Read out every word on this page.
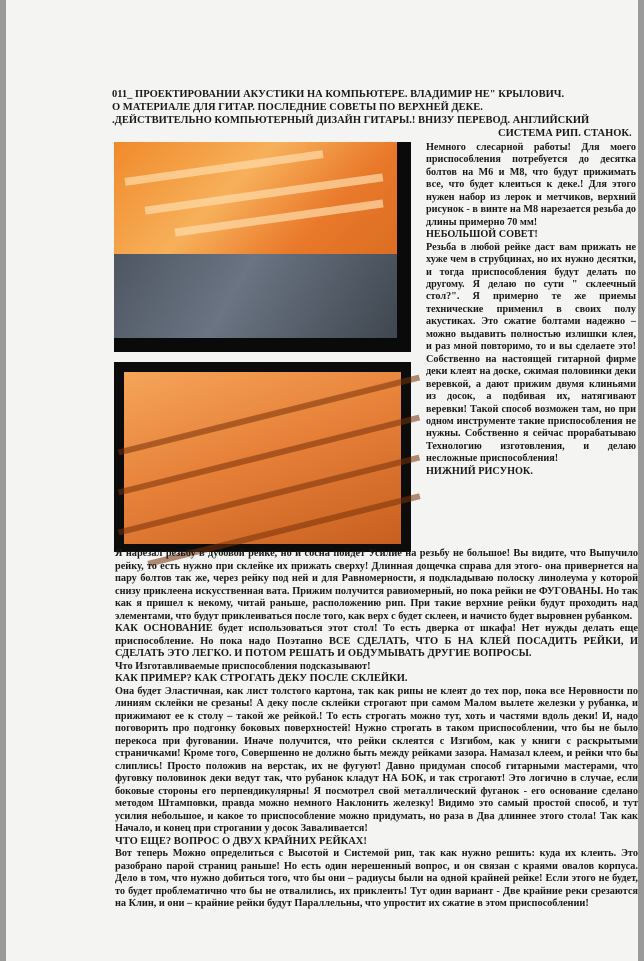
011_ ПРОЕКТИРОВАНИИ АКУСТИКИ НА КОМПЬЮТЕРЕ. ВЛАДИМИР НЕ" КРЫЛОВИЧ.
О МАТЕРИАЛЕ ДЛЯ ГИТАР. ПОСЛЕДНИЕ СОВЕТЫ ПО ВЕРХНЕЙ ДЕКЕ.
.ДЕЙСТВИТЕЛЬНО КОМПЬЮТЕРНЫЙ ДИЗАЙН ГИТАРЫ.! ВНИЗУ ПЕРЕВОД. АНГЛИЙСКИЙ
СИСТЕМА РИП. СТАНОК.

Немного слесарной работы! Для моего приспособления потребуется до десятка болтов на М6 и М8, что будут прижимать все, что будет клеиться к деке.! Для этого нужен набор из лерок и метчиков, верхний рисунок - в винте на М8 нарезается резьба до длины примерно 70 мм!

НЕБОЛЬШОЙ СОВЕТ!

Резьба в любой рейке даст вам прижать не хуже чем в струбцинах, но их нужно десятки, и тогда приспособления будут делать по другому. Я делаю по сути " склеечный стол?". Я примерно те же приемы технические применил в своих полу акустиках. Это сжатие болтами надежно – можно выдавить полностью излишки клея, и раз мной повторимо, то и вы сделаете это! Собственно на настоящей гитарной фирме деки клеят на доске, сжимая половинки деки веревкой, а дают прижим двумя клиньями из досок, а подбивая их, натягивают веревки! Такой способ возможен там, но при одном инструменте такие приспособления не нужны. Собственно я сейчас прорабатываю Технологию изготовления, и делаю несложные приспособления!

НИЖНИЙ РИСУНОК.

Я нарезал резьбу в дубовой рейке, но и сосна пойдет Усилие на резьбу не большое! Вы видите, что Выпучило рейку, то есть нужно при склейке их прижать сверху! Длинная дощечка справа для этого- она привернется на пару болтов так же, через рейку под ней и для Равномерности, я подкладываю полоску линолеума у которой снизу приклеена искусственная вата. Прижим получится равиомерный, но пока рейки не ФУГОВАНЫ. Но так как я пришел к некому, читай раньше, расположению рип. При такие верхние рейки будут проходить над элементами, что будут приклеиваться после того, как верх с будет склеен, и начисто будет выровнен рубанком.

КАК ОСНОВАНИЕ будет использоваться этот стол! То есть дверка от шкафа! Нет нужды делать еще приспособление. Но пока надо Поэтапно ВСЕ СДЕЛАТЬ, ЧТО Б НА КЛЕЙ ПОСАДИТЬ РЕЙКИ, И СДЕЛАТЬ ЭТО ЛЕГКО. И ПОТОМ РЕШАТЬ И ОБДУМЫВАТЬ ДРУГИЕ ВОПРОСЫ.

Что Изготавливаемые приспособления подсказывают!

КАК ПРИМЕР? КАК СТРОГАТЬ ДЕКУ ПОСЛЕ СКЛЕЙКИ.

Она будет Эластичная, как лист толстого картона, так как рипы не клеят до тех пор, пока все Неровности по линиям склейки не срезаны! А деку после склейки строгают при самом Малом вылете железки у рубанка, и прижимают ее к столу – такой же рейкой.! То есть строгать можно тут, хоть и частями вдоль деки! И, надо поговорить про подгонку боковых поверхностей! Нужно строгать в таком приспособлении, что бы не было перекоса при фуговании. Иначе получится, что рейки склеятся с Изгибом, как у книги с раскрытыми страничками! Кроме того, Совершенно не должно быть между рейками зазора. Намазал клеем, и рейки что бы слиплись! Просто положив на верстак, их не фугуют! Давно придуман способ гитарными мастерами, что фуговку половинок деки ведут так, что рубанок кладут НА БОК, и так строгают! Это логично в случае, если боковые стороны его перпендикулярны! Я посмотрел свой металлический фуганок - его основание сделано методом Штамповки, правда можно немного Наклонить железку! Видимо это самый простой способ, и тут усилия небольшое, и какое то приспособление можно придумать, но раза в Два длиннее этого стола! Так как Начало, и конец при строгании у досок Заваливается!

ЧТО ЕЩЕ? ВОПРОС О ДВУХ КРАЙНИХ РЕЙКАХ!

Вот теперь Можно определиться с Высотой и Системой рип, так как нужно решить: куда их клеить. Это разобрано парой страниц раньше! Но есть один нерешенный вопрос, и он связан с краями овалов корпуса. Дело в том, что нужно добиться того, что бы они – радиусы были на одной крайней рейке! Если этого не будет, то будет проблематично что бы не отвалились, их приклеить! Тут один вариант - Две крайние реки срезаются на Клин, и они – крайние рейки будут Параллельны, что упростит их сжатие в этом приспособлении!
